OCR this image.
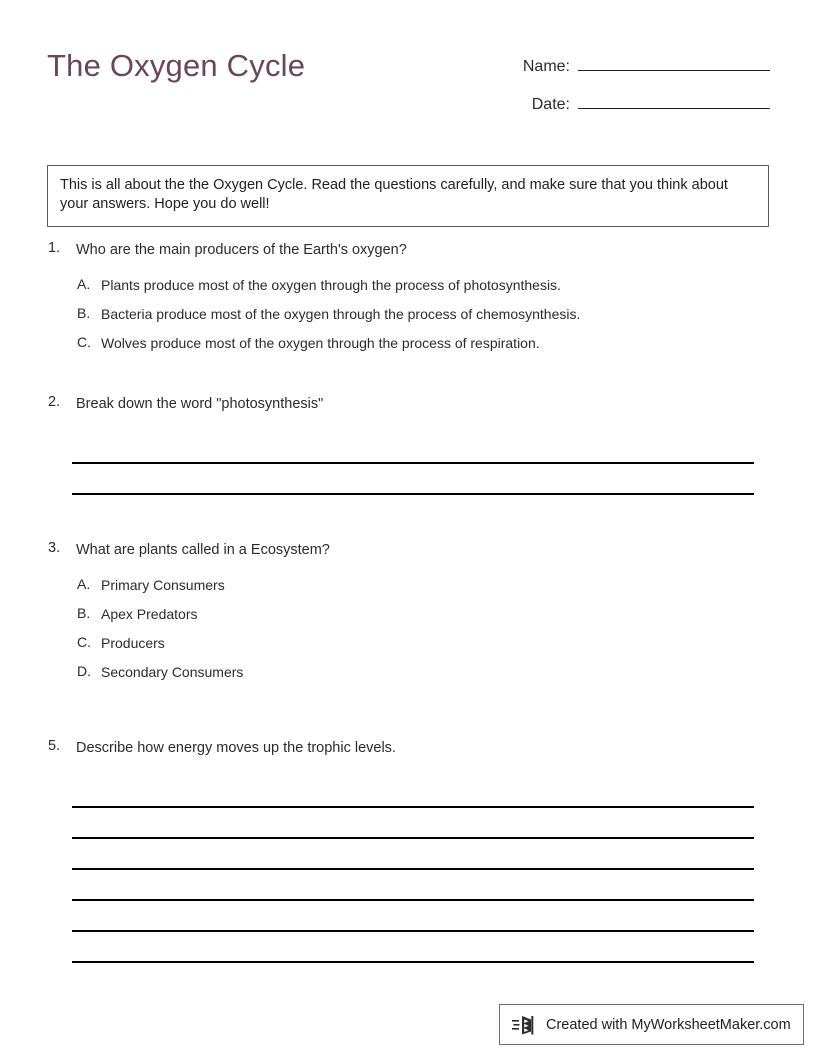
The Oxygen Cycle	Name:
Date:
This is all about the the Oxygen Cycle. Read the questions carefully, and make sure that you think about your answers. Hope you do well!
1.	Who are the main producers of the Earth's oxygen?
A. Plants produce most of the oxygen through the process of photosynthesis.
B. Bacteria produce most of the oxygen through the process of chemosynthesis.
C. Wolves produce most of the oxygen through the process of respiration.
2.	Break down the word "photosynthesis"
3.	What are plants called in a Ecosystem?
A. Primary Consumers
B. Apex Predators
C. Producers
D. Secondary Consumers
5.	Describe how energy moves up the trophic levels.
Created with MyWorksheetMaker.com
